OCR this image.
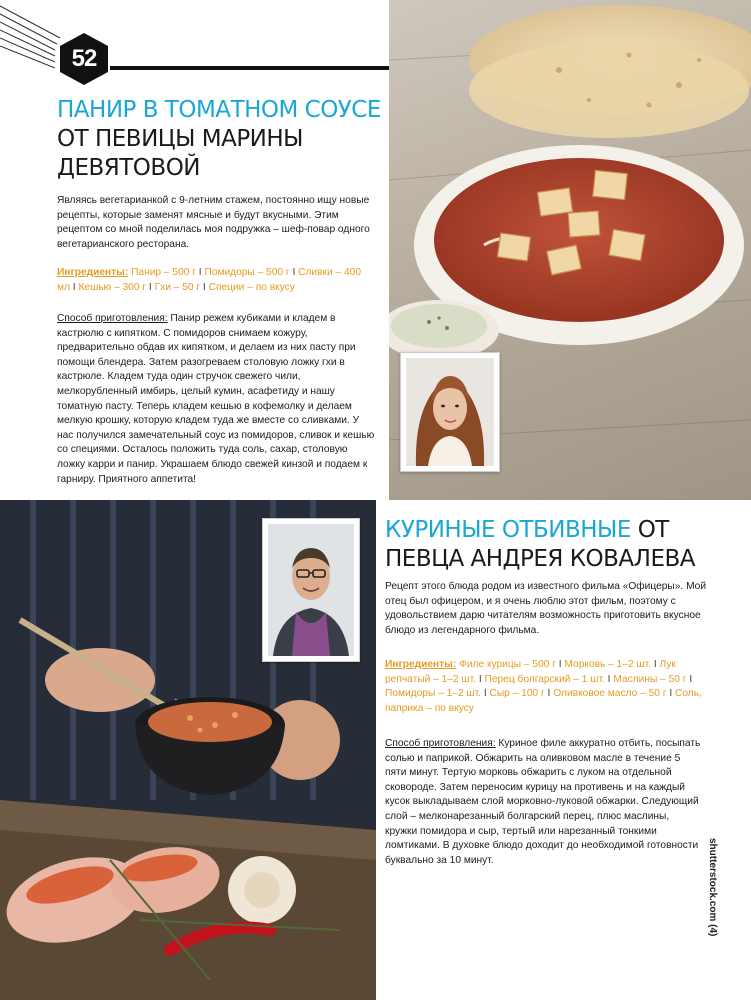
52
ПАНИР В ТОМАТНОМ СОУСЕ
ОТ ПЕВИЦЫ МАРИНЫ ДЕВЯТОВОЙ
Являясь вегетарианкой с 9-летним стажем, постоянно ищу новые рецепты, которые заменят мясные и будут вкусными. Этим рецептом со мной поделилась моя подружка – шеф-повар одного вегетарианского ресторана.
Ингредиенты: Панир – 500 г I Помидоры – 500 г I Сливки – 400 мл I Кешью – 300 г I Гхи – 50 г I Специи – по вкусу
Способ приготовления: Панир режем кубиками и кладем в кастрюлю с кипятком. С помидоров снимаем кожуру, предварительно обдав их кипятком, и делаем из них пасту при помощи блендера. Затем разогреваем столовую ложку гхи в кастрюле. Кладем туда один стручок свежего чили, мелкорубленный имбирь, целый кумин, асафетиду и нашу томатную пасту. Теперь кладем кешью в кофемолку и делаем мелкую крошку, которую кладем туда же вместе со сливками. У нас получился замечательный соус из помидоров, сливок и кешью со специями. Осталось положить туда соль, сахар, столовую ложку карри и панир. Украшаем блюдо свежей кинзой и подаем к гарниру. Приятного аппетита!
КУРИНЫЕ ОТБИВНЫЕ ОТ ПЕВЦА АНДРЕЯ КОВАЛЕВА
Рецепт этого блюда родом из известного фильма «Офицеры». Мой отец был офицером, и я очень люблю этот фильм, поэтому с удовольствием дарю читателям возможность приготовить вкусное блюдо из легендарного фильма.
Ингредиенты: Филе курицы – 500 г I Морковь – 1–2 шт. I Лук репчатый – 1–2 шт. I Перец болгарский – 1 шт. I Маслины – 50 г I Помидоры – 1–2 шт. I Сыр – 100 г I Оливковое масло – 50 г I Соль, паприка – по вкусу
Способ приготовления: Куриное филе аккуратно отбить, посыпать солью и паприкой. Обжарить на оливковом масле в течение 5 пяти минут. Тертую морковь обжарить с луком на отдельной сковороде. Затем переносим курицу на противень и на каждый кусок выкладываем слой морковно-луковой обжарки. Следующий слой – мелконарезанный болгарский перец, плюс маслины, кружки помидора и сыр, тертый или нарезанный тонкими ломтиками. В духовке блюдо доходит до необходимой готовности буквально за 10 минут.	shutterstock.com (4)
